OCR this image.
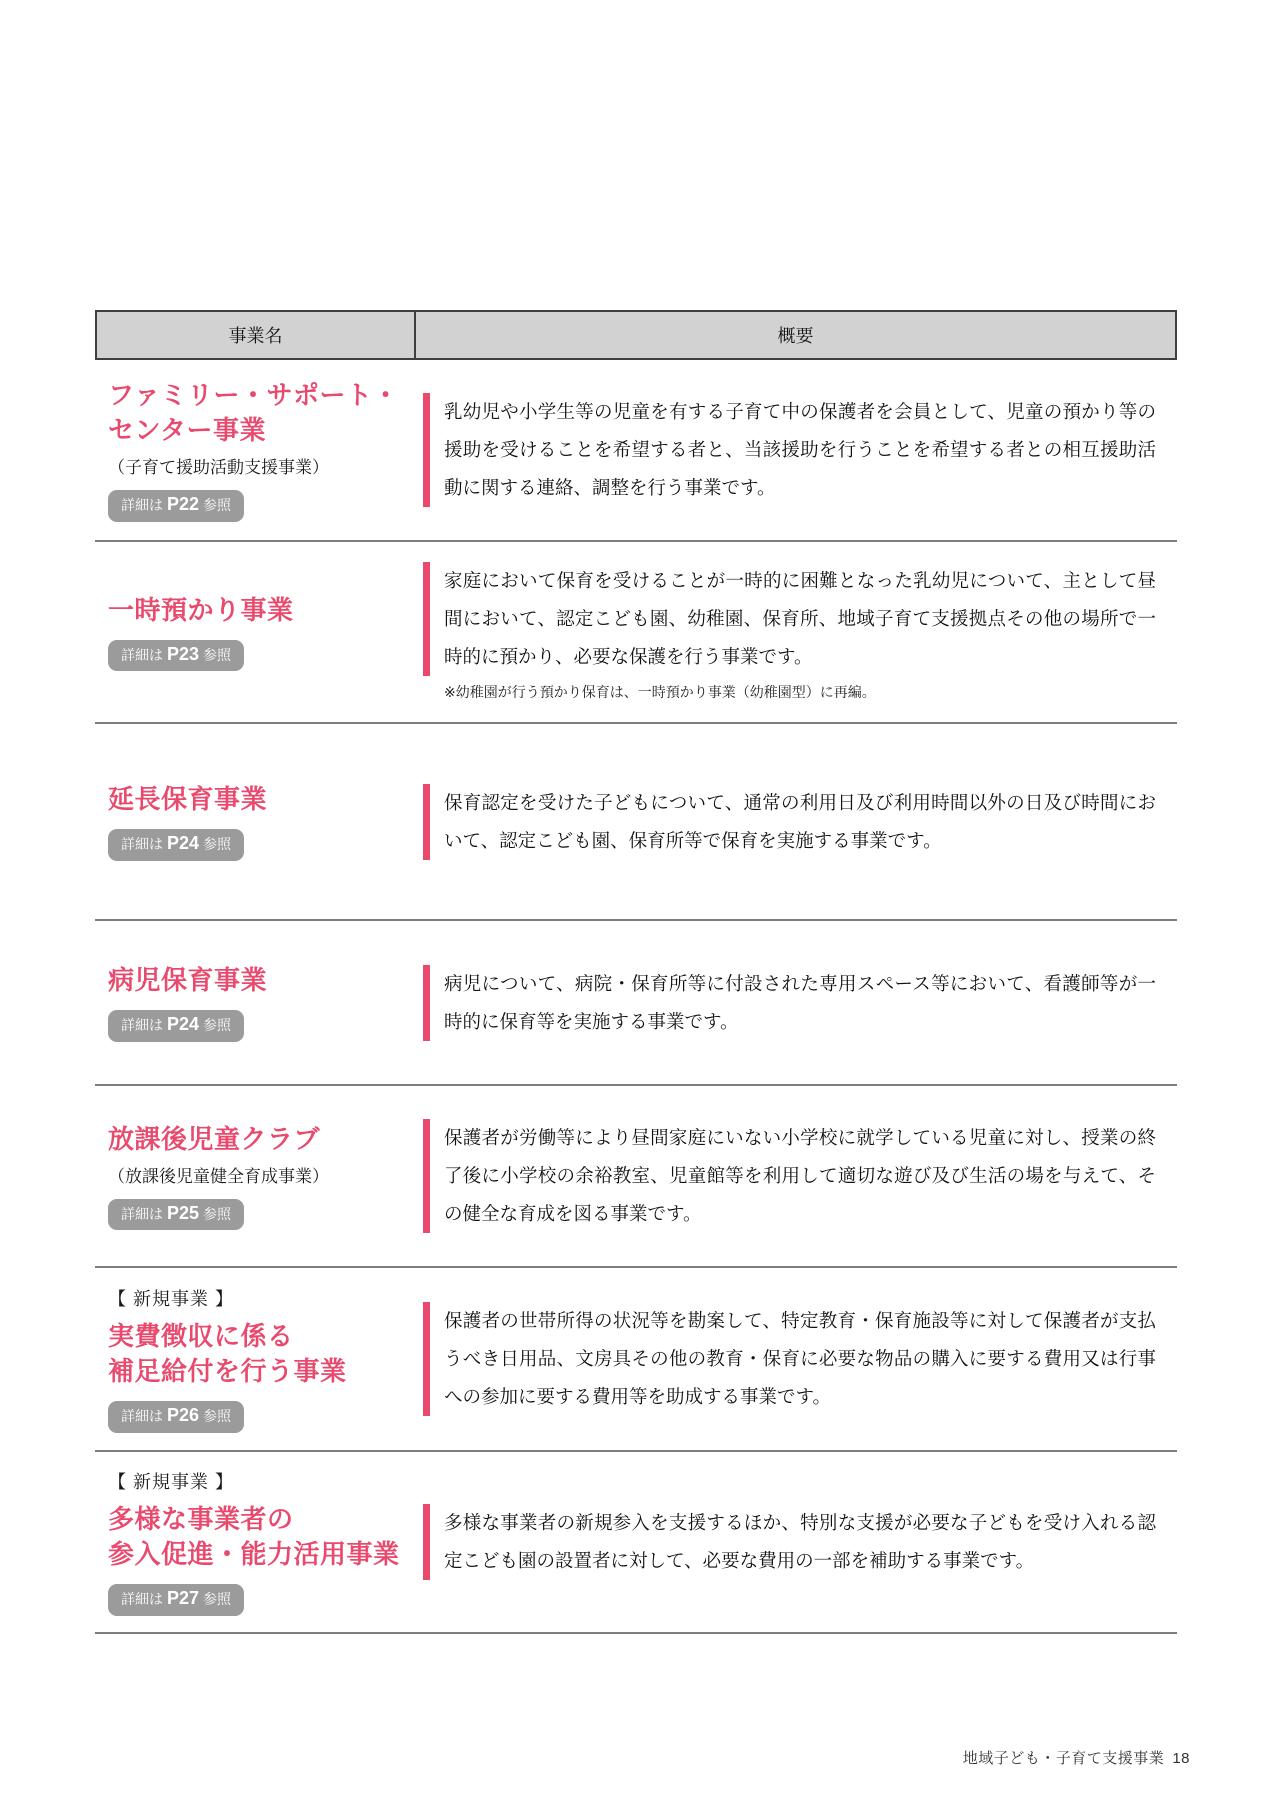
事業名	概要
ファミリー・サポート・
センター事業
（子育て援助活動支援事業）
詳細は P22 参照

乳幼児や小学生等の児童を有する子育て中の保護者を会員として、児童の預かり等の援助を受けることを希望する者と、当該援助を行うことを希望する者との相互援助活動に関する連絡、調整を行う事業です。

一時預かり事業
詳細は P23 参照

家庭において保育を受けることが一時的に困難となった乳幼児について、主として昼間において、認定こども園、幼稚園、保育所、地域子育て支援拠点その他の場所で一時的に預かり、必要な保護を行う事業です。

※幼稚園が行う預かり保育は、一時預かり事業（幼稚園型）に再編。

延長保育事業
詳細は P24 参照

保育認定を受けた子どもについて、通常の利用日及び利用時間以外の日及び時間において、認定こども園、保育所等で保育を実施する事業です。

病児保育事業
詳細は P24 参照

病児について、病院・保育所等に付設された専用スペース等において、看護師等が一時的に保育等を実施する事業です。

放課後児童クラブ
（放課後児童健全育成事業）
詳細は P25 参照

保護者が労働等により昼間家庭にいない小学校に就学している児童に対し、授業の終了後に小学校の余裕教室、児童館等を利用して適切な遊び及び生活の場を与えて、その健全な育成を図る事業です。

【 新規事業 】
実費徴収に係る
補足給付を行う事業
詳細は P26 参照

保護者の世帯所得の状況等を勘案して、特定教育・保育施設等に対して保護者が支払うべき日用品、文房具その他の教育・保育に必要な物品の購入に要する費用又は行事への参加に要する費用等を助成する事業です。

【 新規事業 】
多様な事業者の
参入促進・能力活用事業
詳細は P27 参照

多様な事業者の新規参入を支援するほか、特別な支援が必要な子どもを受け入れる認定こども園の設置者に対して、必要な費用の一部を補助する事業です。

地域子ども・子育て支援事業 18
